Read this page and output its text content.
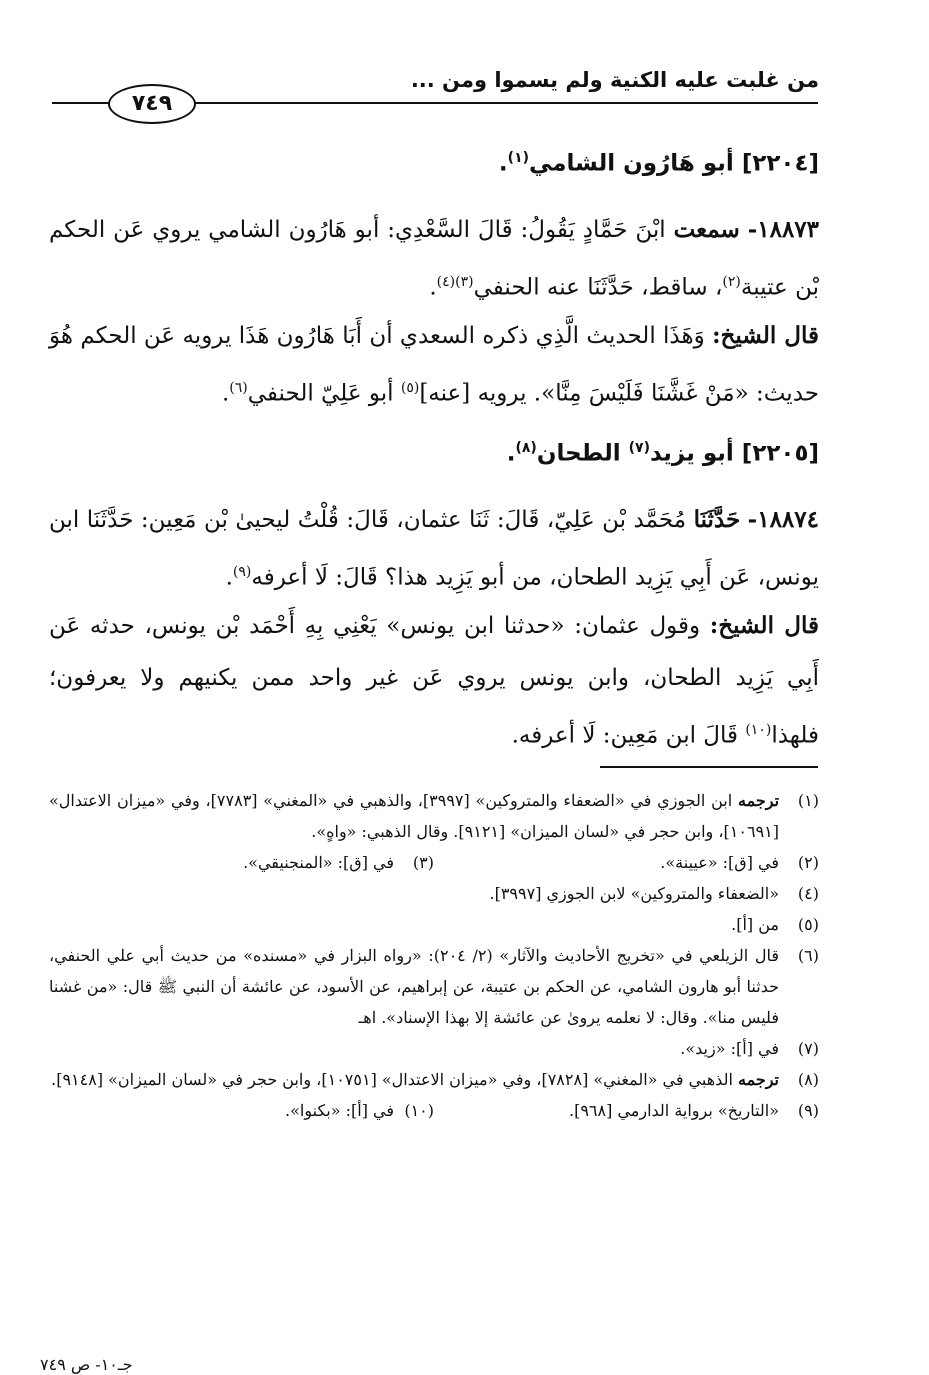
من غلبت عليه الكنية ولم يسموا ومن ...
٧٤٩
[٢٢٠٤] أبو هَارُون الشامي$^{(١)}$.
١٨٨٧٣- سمعت ابْنَ حَمَّادٍ يَقُولُ: قَالَ السَّعْدِي: أبو هَارُون الشامي يروي عَن الحكم بْن عتيبة$^{(٢)}$، ساقط، حَدَّثَنَا عنه الحنفي$^{(٣)(٤)}$.
قال الشيخ: وَهَذَا الحديث الَّذِي ذكره السعدي أن أَبَا هَارُون هَذَا يرويه عَن الحكم هُوَ حديث: «مَنْ غَشَّنَا فَلَيْسَ مِنَّا». يرويه [عنه]$^{(٥)}$ أبو عَلِيّ الحنفي$^{(٦)}$.
[٢٢٠٥] أبو يزيد$^{(٧)}$ الطحان$^{(٨)}$.
١٨٨٧٤- حَدَّثَنَا مُحَمَّد بْن عَلِيّ، قَالَ: ثَنَا عثمان، قَالَ: قُلْتُ ليحيىٰ بْن مَعِين: حَدَّثَنَا ابن يونس، عَن أَبِي يَزِيد الطحان، من أبو يَزِيد هذا؟ قَالَ: لَا أعرفه$^{(٩)}$.
قال الشيخ: وقول عثمان: «حدثنا ابن يونس» يَعْنِي بِهِ أَحْمَد بْن يونس، حدثه عَن أَبِي يَزِيد الطحان، وابن يونس يروي عَن غير واحد ممن يكنيهم ولا يعرفون؛ فلهذا$^{(١٠)}$ قَالَ ابن مَعِين: لَا أعرفه.
(١)
ترجمه ابن الجوزي في «الضعفاء والمتروكين» [٣٩٩٧]، والذهبي في «المغني» [٧٧٨٣]، وفي «ميزان الاعتدال» [١٠٦٩١]، وابن حجر في «لسان الميزان» [٩١٢١]. وقال الذهبي: «واهٍ».
(٢)
في [ق]: «عيينة».
(٣)
في [ق]: «المنجنيقي».
(٤)
«الضعفاء والمتروكين» لابن الجوزي [٣٩٩٧].
(٥)
من [أ].
(٦)
قال الزيلعي في «تخريج الأحاديث والآثار» (٢/ ٢٠٤): «رواه البزار في «مسنده» من حديث أبي علي الحنفي، حدثنا أبو هارون الشامي، عن الحكم بن عتيبة، عن إبراهيم، عن الأسود، عن عائشة أن النبي ﷺ قال: «من غشنا فليس منا». وقال: لا نعلمه يروىٰ عن عائشة إلا بهذا الإسناد». اهـ
(٧)
في [أ]: «زيد».
(٨)
ترجمه الذهبي في «المغني» [٧٨٢٨]، وفي «ميزان الاعتدال» [١٠٧٥١]، وابن حجر في «لسان الميزان» [٩١٤٨].
(٩)
«التاريخ» برواية الدارمي [٩٦٨].
(١٠)
في [أ]: «بكنوا».
جـ١٠- ص ٧٤٩
